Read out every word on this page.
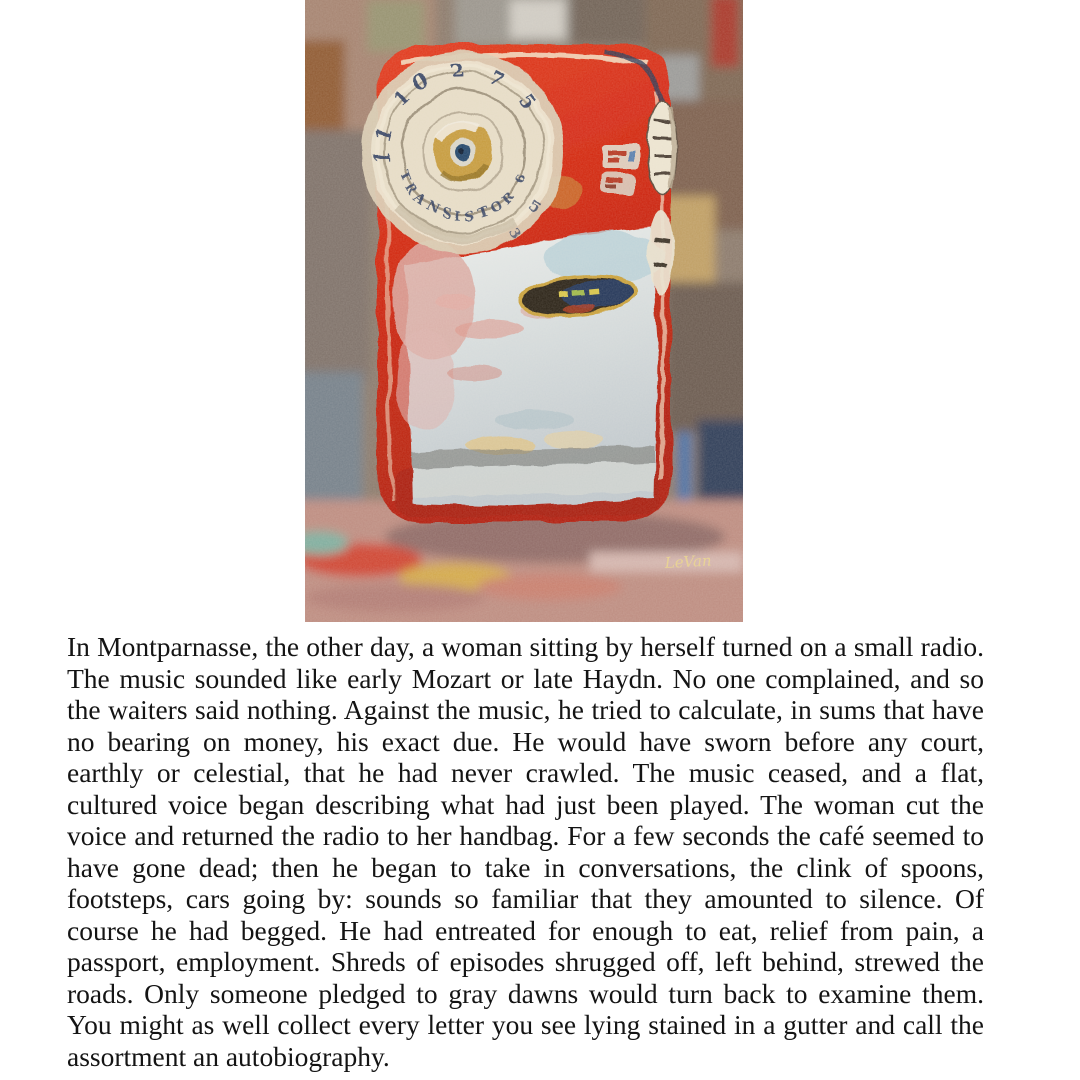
In Montparnasse, the other day, a woman sitting by herself turned on a small radio. The music sounded like early Mozart or late Haydn. No one complained, and so the waiters said nothing. Against the music, he tried to calculate, in sums that have no bearing on money, his exact due. He would have sworn before any court, earthly or celestial, that he had never crawled. The music ceased, and a flat, cultured voice began describing what had just been played. The woman cut the voice and returned the radio to her handbag. For a few seconds the café seemed to have gone dead; then he began to take in conversations, the clink of spoons, footsteps, cars going by: sounds so familiar that they amounted to silence. Of course he had begged. He had entreated for enough to eat, relief from pain, a passport, employment. Shreds of episodes shrugged off, left behind, strewed the roads. Only someone pledged to gray dawns would turn back to examine them. You might as well collect every letter you see lying stained in a gutter and call the assortment an autobiography.
